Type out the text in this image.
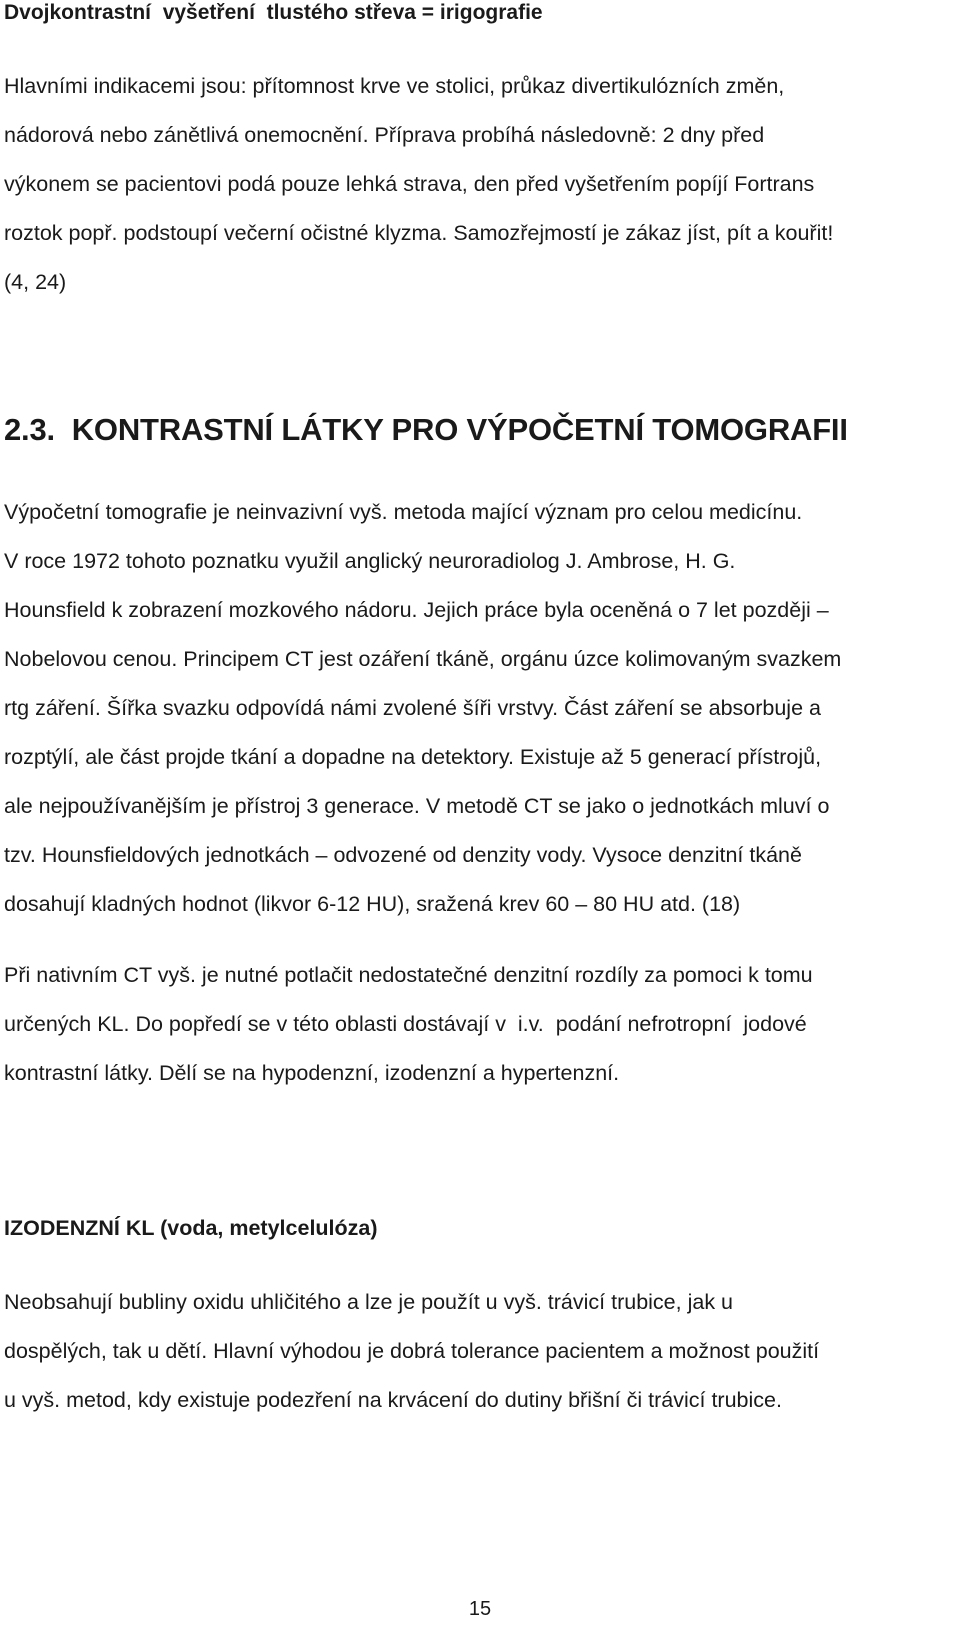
Dvojkontrastní  vyšetření  tlustého střeva = irigografie
Hlavními indikacemi jsou: přítomnost krve ve stolici, průkaz divertikulózních změn,
nádorová nebo zánětlivá onemocnění. Příprava probíhá následovně: 2 dny před
výkonem se pacientovi podá pouze lehká strava, den před vyšetřením popíjí Fortrans
roztok popř. podstoupí večerní očistné klyzma. Samozřejmostí je zákaz jíst, pít a kouřit!
(4, 24)
2.3.  KONTRASTNÍ LÁTKY PRO VÝPOČETNÍ TOMOGRAFII
Výpočetní tomografie je neinvazivní vyš. metoda mající význam pro celou medicínu.
V roce 1972 tohoto poznatku využil anglický neuroradiolog J. Ambrose, H. G.
Hounsfield k zobrazení mozkového nádoru. Jejich práce byla oceněná o 7 let později –
Nobelovou cenou. Principem CT jest ozáření tkáně, orgánu úzce kolimovaným svazkem
rtg záření. Šířka svazku odpovídá námi zvolené šíři vrstvy. Část záření se absorbuje a
rozptýlí, ale část projde tkání a dopadne na detektory. Existuje až 5 generací přístrojů,
ale nejpoužívanějším je přístroj 3 generace. V metodě CT se jako o jednotkách mluví o
tzv. Hounsfieldových jednotkách – odvozené od denzity vody. Vysoce denzitní tkáně
dosahují kladných hodnot (likvor 6-12 HU), sražená krev 60 – 80 HU atd. (18)
Při nativním CT vyš. je nutné potlačit nedostatečné denzitní rozdíly za pomoci k tomu
určených KL. Do popředí se v této oblasti dostávají v  i.v.  podání nefrotropní  jodové
kontrastní látky. Dělí se na hypodenzní, izodenzní a hypertenzní.
IZODENZNÍ KL (voda, metylcelulóza)
Neobsahují bubliny oxidu uhličitého a lze je použít u vyš. trávicí trubice, jak u
dospělých, tak u dětí. Hlavní výhodou je dobrá tolerance pacientem a možnost použití
u vyš. metod, kdy existuje podezření na krvácení do dutiny břišní či trávicí trubice.
15
